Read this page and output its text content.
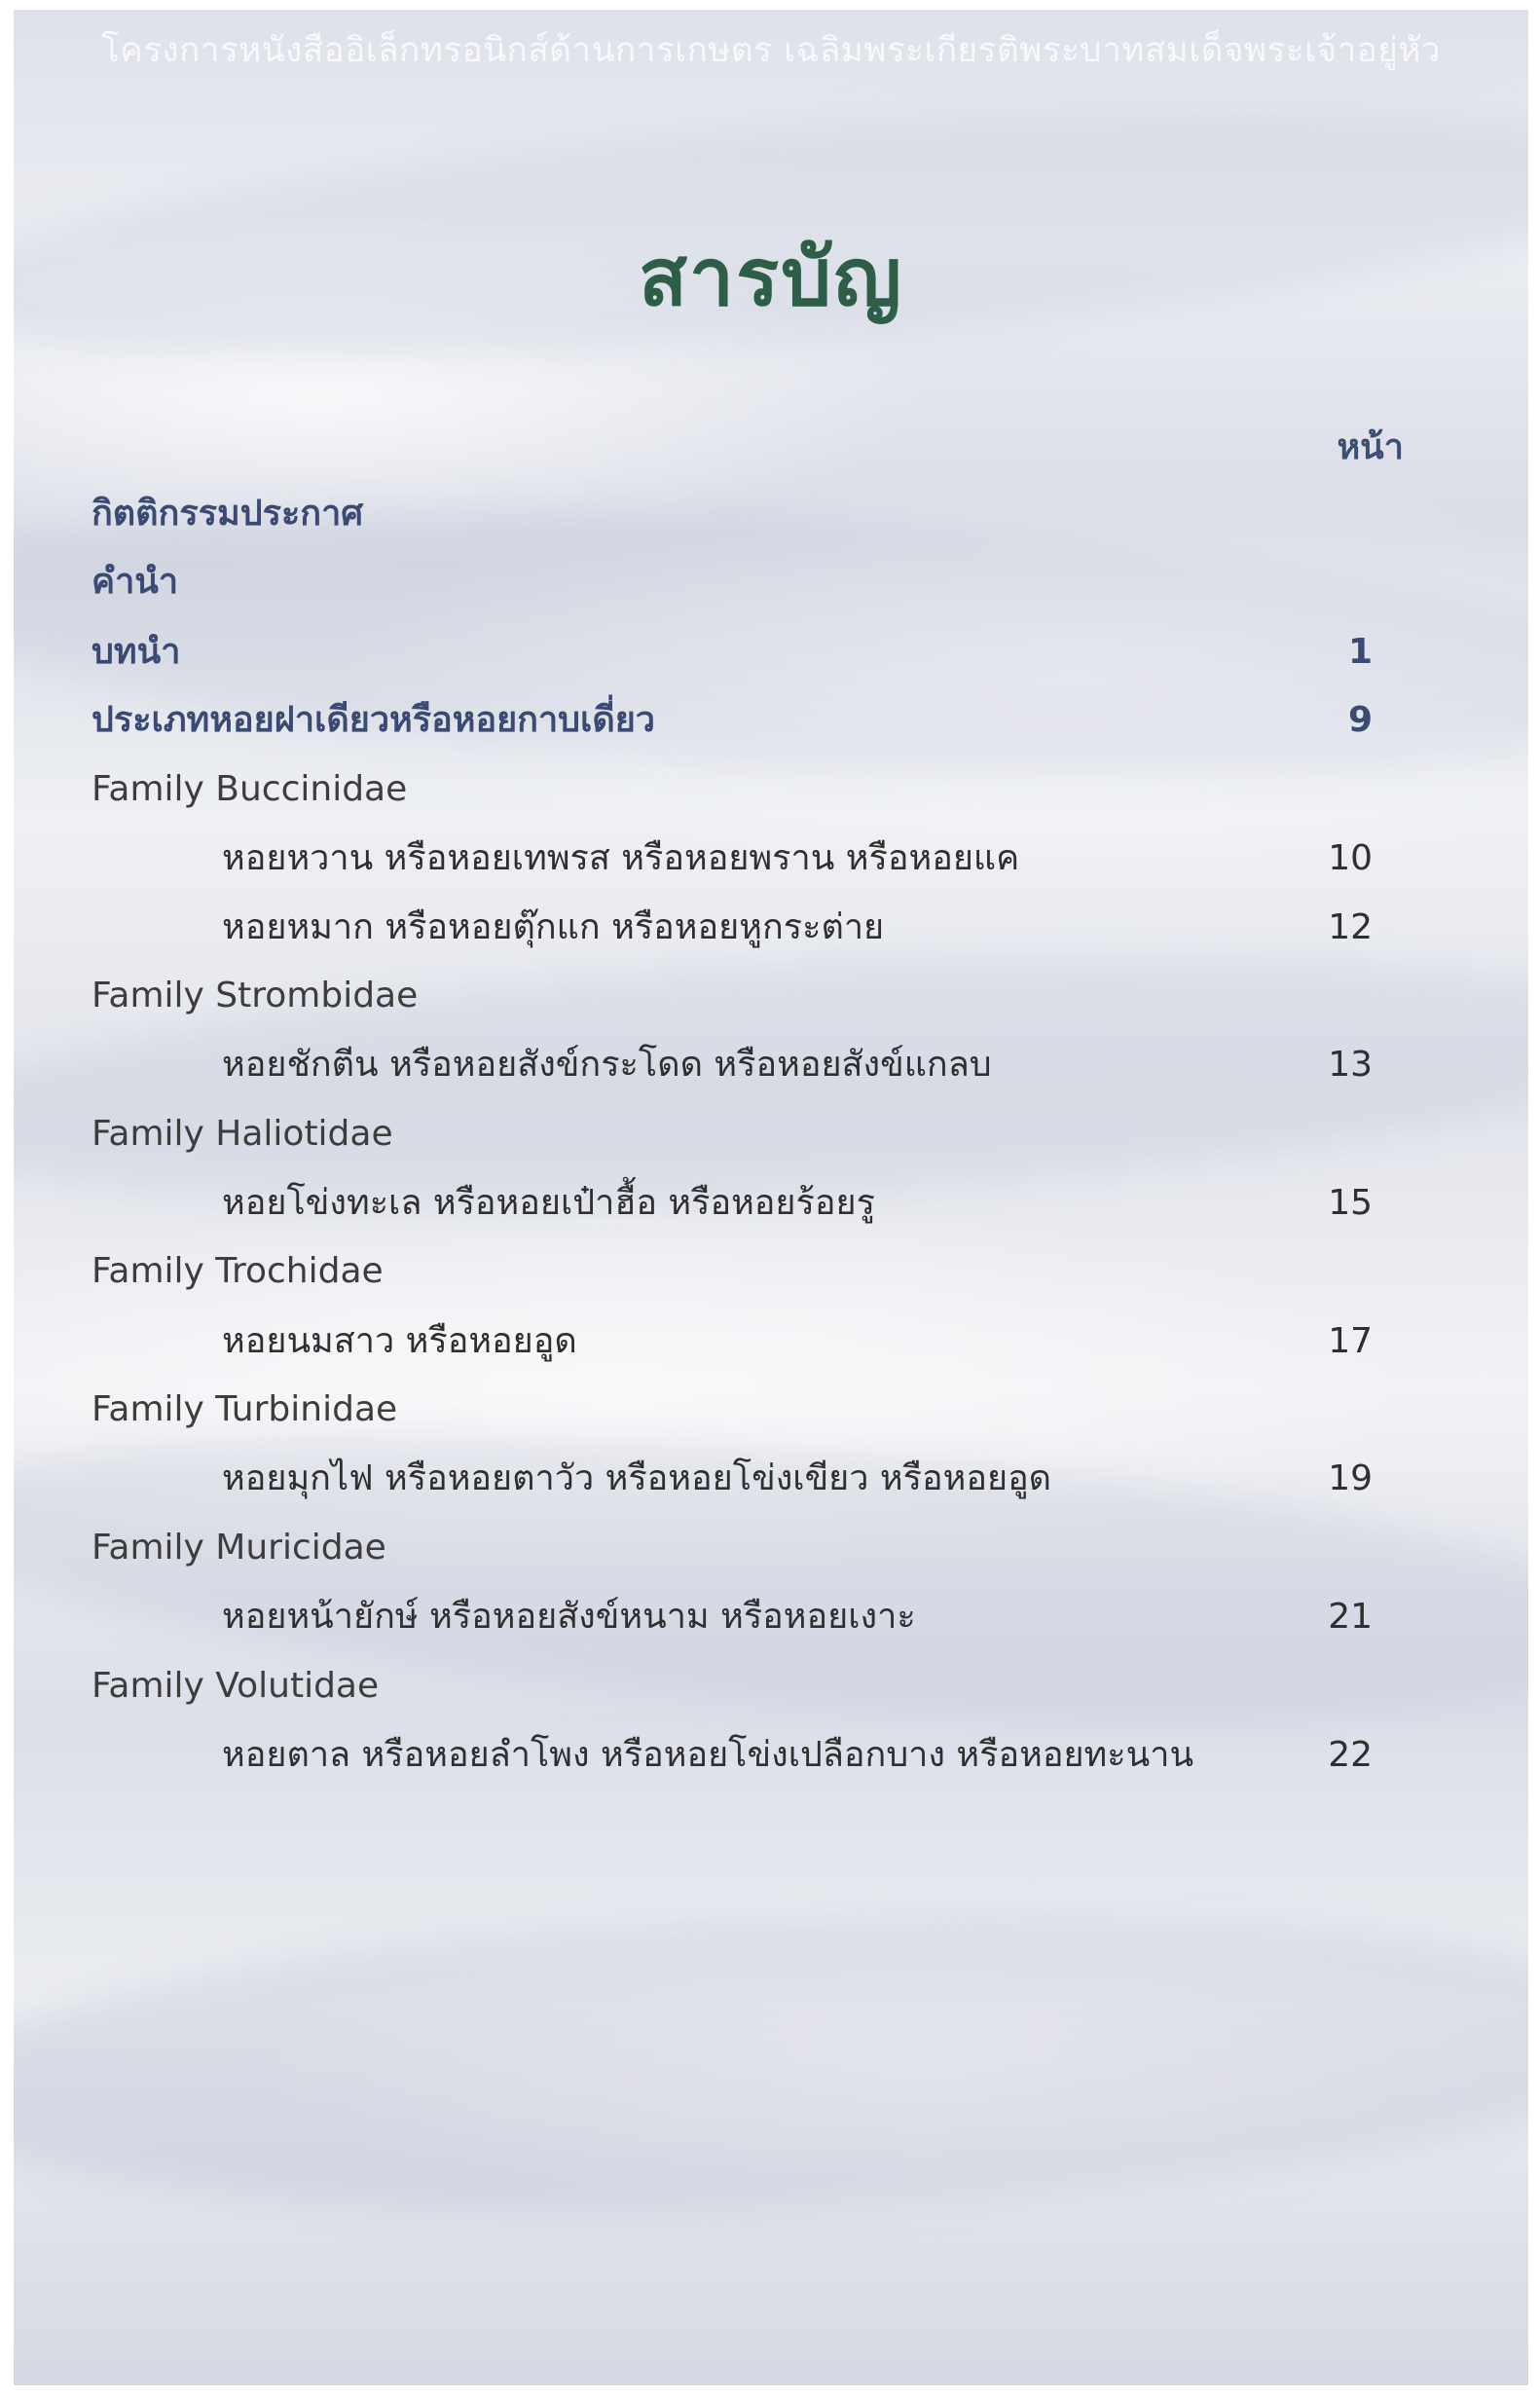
โครงการหนังสืออิเล็กทรอนิกส์ด้านการเกษตร เฉลิมพระเกียรติพระบาทสมเด็จพระเจ้าอยู่หัว
สารบัญ
หน้า
กิตติกรรมประกาศ
คำนำ
บทนำ	1
ประเภทหอยฝาเดียวหรือหอยกาบเดี่ยว	9
Family Buccinidae
หอยหวาน หรือหอยเทพรส หรือหอยพราน หรือหอยแค	10
หอยหมาก หรือหอยตุ๊กแก หรือหอยหูกระต่าย	12
Family Strombidae
หอยชักตีน หรือหอยสังข์กระโดด หรือหอยสังข์แกลบ	13
Family Haliotidae
หอยโข่งทะเล หรือหอยเป๋าฮื้อ หรือหอยร้อยรู	15
Family Trochidae
หอยนมสาว หรือหอยอูด	17
Family Turbinidae
หอยมุกไฟ หรือหอยตาวัว หรือหอยโข่งเขียว หรือหอยอูด	19
Family Muricidae
หอยหน้ายักษ์ หรือหอยสังข์หนาม หรือหอยเงาะ	21
Family Volutidae
หอยตาล หรือหอยลำโพง หรือหอยโข่งเปลือกบาง หรือหอยทะนาน	22
